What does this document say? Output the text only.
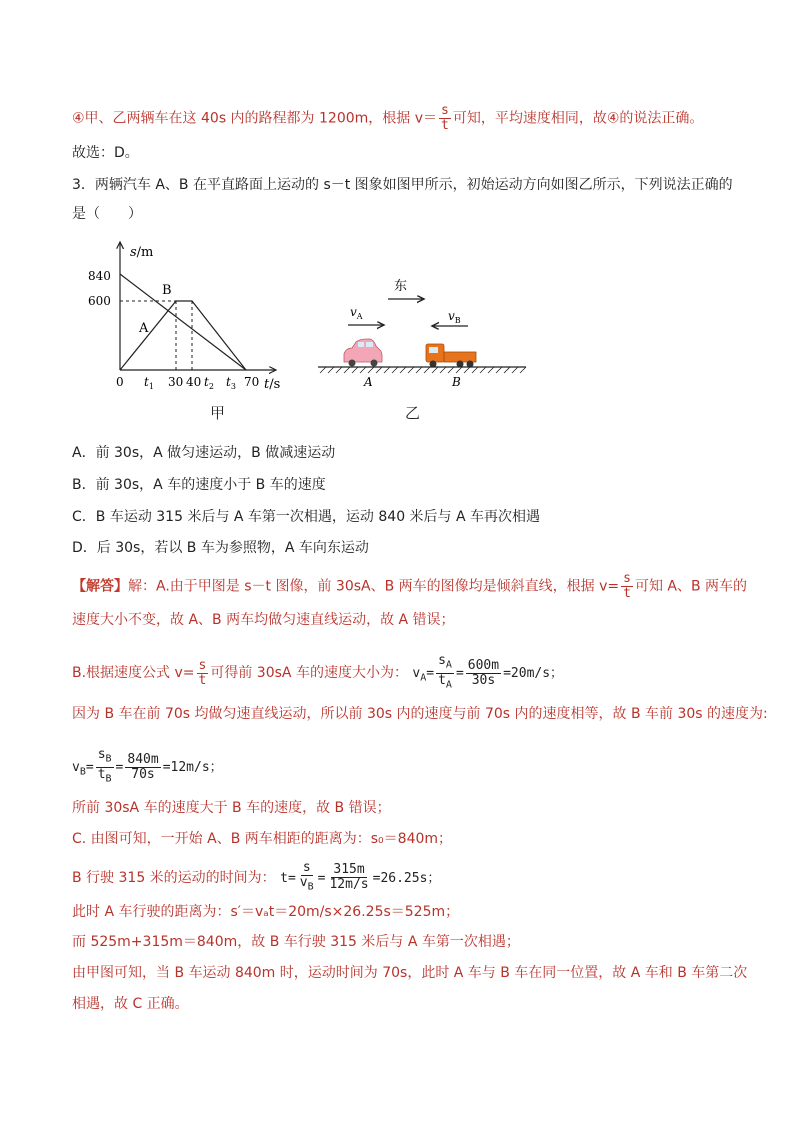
④甲、乙两辆车在这 40s 内的路程都为 1200m，根据 $v= \frac{s}{t}$ 可知，平均速度相同，故④的说法正确。
故选：D。
3．两辆汽车 A、B 在平直路面上运动的 s－t 图象如图甲所示，初始运动方向如图乙所示，下列说法正确的
是（　　）
s/m
t/s
840
600
A
B
0 $t_1$ 30 40 $t_2$ $t_3$ 70
甲
东
$v_A$	$v_B$
A	B
乙
A．前 30s，A 做匀速运动，B 做减速运动
B．前 30s，A 车的速度小于 B 车的速度
C．B 车运动 315 米后与 A 车第一次相遇，运动 840 米后与 A 车再次相遇
D．后 30s，若以 B 车为参照物，A 车向东运动
【解答】解：A.由于甲图是 s－t 图像，前 30sA、B 两车的图像均是倾斜直线，根据 $v= \frac{s}{t}$ 可知 A、B 两车的
速度大小不变，故 A、B 两车均做匀速直线运动，故 A 错误；
B.根据速度公式 $v= \frac{s}{t}$ 可得前 30sA 车的速度大小为： $v_A= \frac{s_A}{t_A} = \frac{600m}{30s} =20m/s$；
因为 B 车在前 70s 均做匀速直线运动，所以前 30s 内的速度与前 70s 内的速度相等，故 B 车前 30s 的速度为:
$v_B= \frac{s_B}{t_B} = \frac{840m}{70s} =12m/s$；
所前 30sA 车的速度大于 B 车的速度，故 B 错误；
C. 由图可知，一开始 A、B 两车相距的距离为：s₀＝840m；
B 行驶 315 米的运动的时间为： $t= \frac{s}{v_B} = \frac{315m}{12m/s} =26.25s$；
此时 A 车行驶的距离为：s′＝vₐt＝20m/s×26.25s＝525m；
而 525m+315m＝840m，故 B 车行驶 315 米后与 A 车第一次相遇；
由甲图可知，当 B 车运动 840m 时，运动时间为 70s，此时 A 车与 B 车在同一位置，故 A 车和 B 车第二次
相遇，故 C 正确。
